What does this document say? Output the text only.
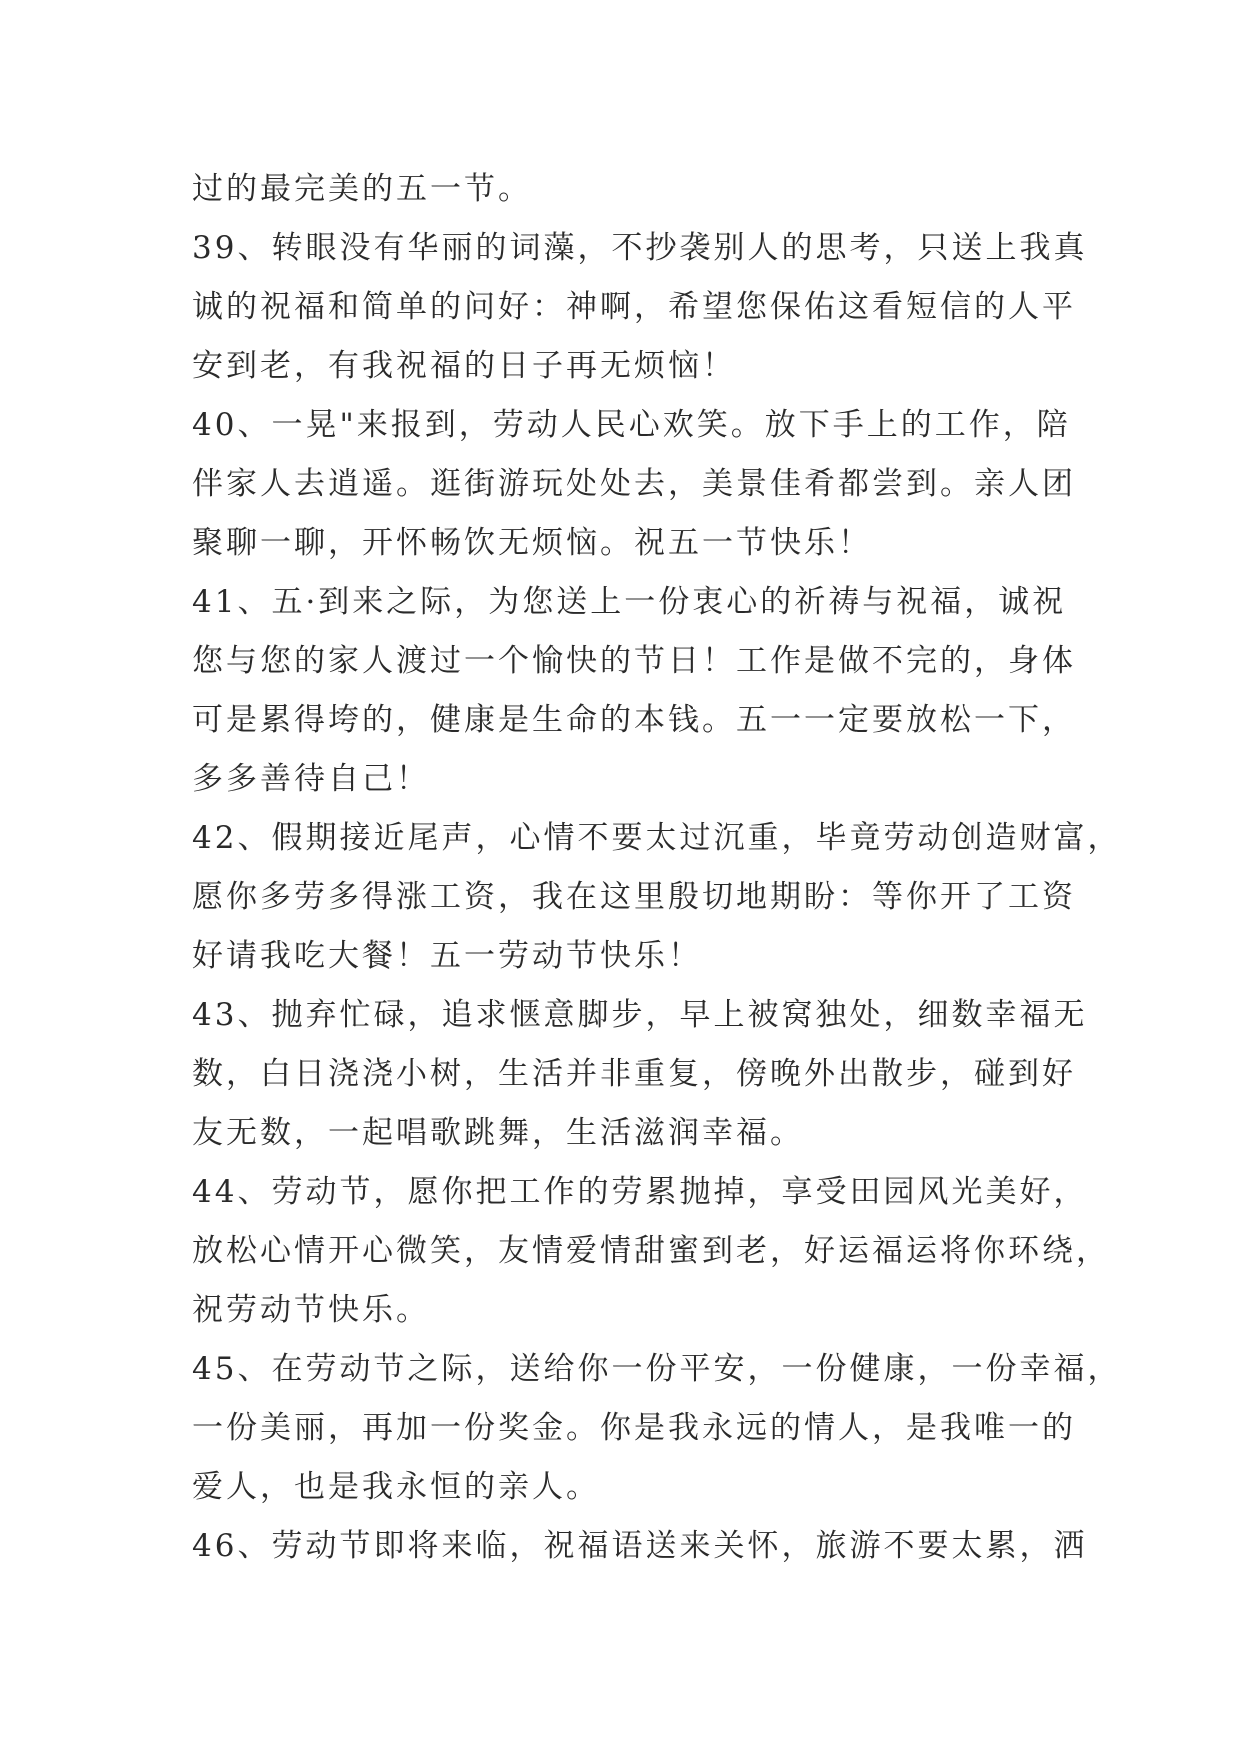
过的最完美的五一节。
39、转眼没有华丽的词藻，不抄袭别人的思考，只送上我真
诚的祝福和简单的问好：神啊，希望您保佑这看短信的人平
安到老，有我祝福的日子再无烦恼！
40、一晃"来报到，劳动人民心欢笑。放下手上的工作，陪
伴家人去逍遥。逛街游玩处处去，美景佳肴都尝到。亲人团
聚聊一聊，开怀畅饮无烦恼。祝五一节快乐！
41、五·到来之际，为您送上一份衷心的祈祷与祝福，诚祝
您与您的家人渡过一个愉快的节日！工作是做不完的，身体
可是累得垮的，健康是生命的本钱。五一一定要放松一下，
多多善待自己！
42、假期接近尾声，心情不要太过沉重，毕竟劳动创造财富，
愿你多劳多得涨工资，我在这里殷切地期盼：等你开了工资
好请我吃大餐！五一劳动节快乐！
43、抛弃忙碌，追求惬意脚步，早上被窝独处，细数幸福无
数，白日浇浇小树，生活并非重复，傍晚外出散步，碰到好
友无数，一起唱歌跳舞，生活滋润幸福。
44、劳动节，愿你把工作的劳累抛掉，享受田园风光美好，
放松心情开心微笑，友情爱情甜蜜到老，好运福运将你环绕，
祝劳动节快乐。
45、在劳动节之际，送给你一份平安，一份健康，一份幸福，
一份美丽，再加一份奖金。你是我永远的情人，是我唯一的
爱人，也是我永恒的亲人。
46、劳动节即将来临，祝福语送来关怀，旅游不要太累，洒
